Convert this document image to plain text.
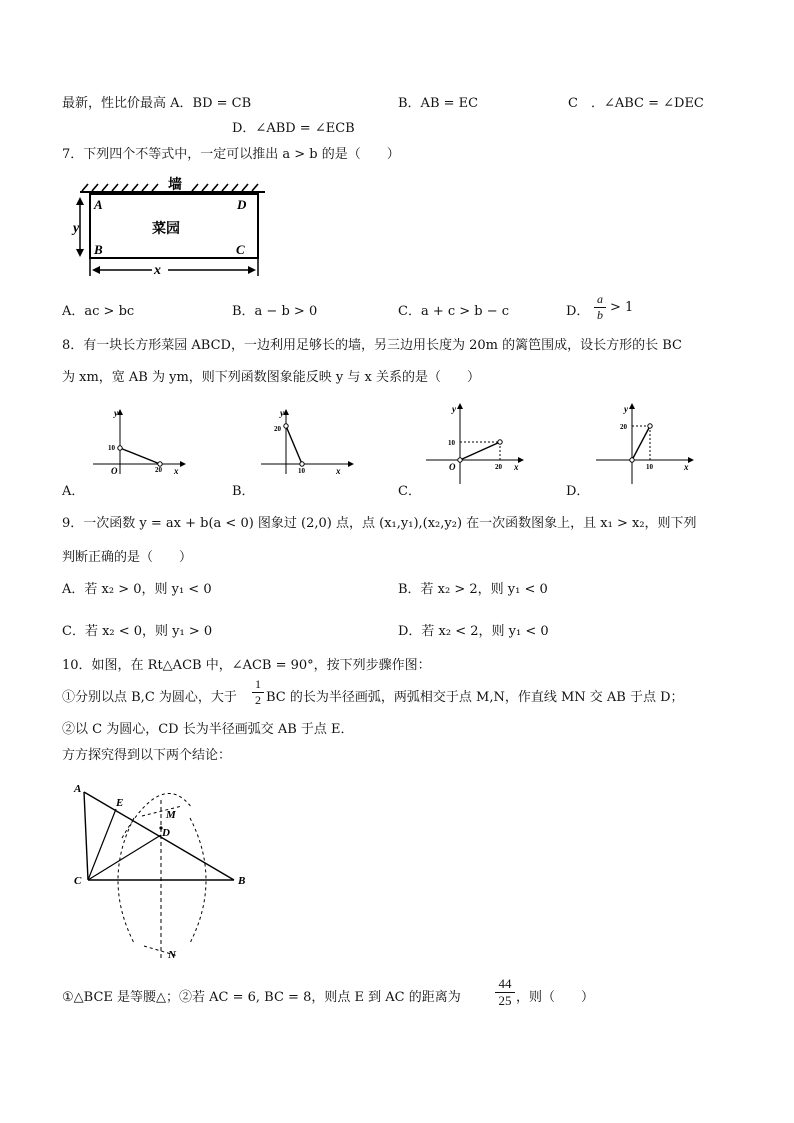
最新，性比价最高 A．BD = CB	B．AB = EC	C　．∠ABC = ∠DEC
D．∠ABD = ∠ECB
7．下列四个不等式中，一定可以推出 a > b 的是（　　）
墙
A	D
B	C
菜园
y
x
A．ac > bc	B．a − b > 0	C．a + c > b − c	D． $\frac{a}{b} > 1$
8．有一块长方形菜园 ABCD，一边利用足够长的墙，另三边用长度为 20m 的篱笆围成，设长方形的长 BC
为 xm，宽 AB 为 ym，则下列函数图象能反映 y 与 x 关系的是（　　）
y
x
O
10
20
y
x
20
10
y
x
O
10
20
y
x
20
10
A．	B．	C．	D．
9．一次函数 y = ax + b(a < 0) 图象过 (2,0) 点，点 (x₁,y₁),(x₂,y₂) 在一次函数图象上，且 x₁ > x₂，则下列
判断正确的是（　　）
A．若 x₂ > 0，则 y₁ < 0	B．若 x₂ > 2，则 y₁ < 0
C．若 x₂ < 0，则 y₁ > 0	D．若 x₂ < 2，则 y₁ < 0
10．如图，在 Rt△ACB 中，∠ACB = 90°，按下列步骤作图：
①分别以点 B,C 为圆心，大于 $\frac{1}{2}$ BC 的长为半径画弧，两弧相交于点 M,N，作直线 MN 交 AB 于点 D；
②以 C 为圆心，CD 长为半径画弧交 AB 于点 E．
方方探究得到以下两个结论：
A
E
M
D
C	B
N
①△BCE 是等腰△；②若 AC = 6, BC = 8，则点 E 到 AC 的距离为	$\frac{44}{25}$ ，则（　　）
